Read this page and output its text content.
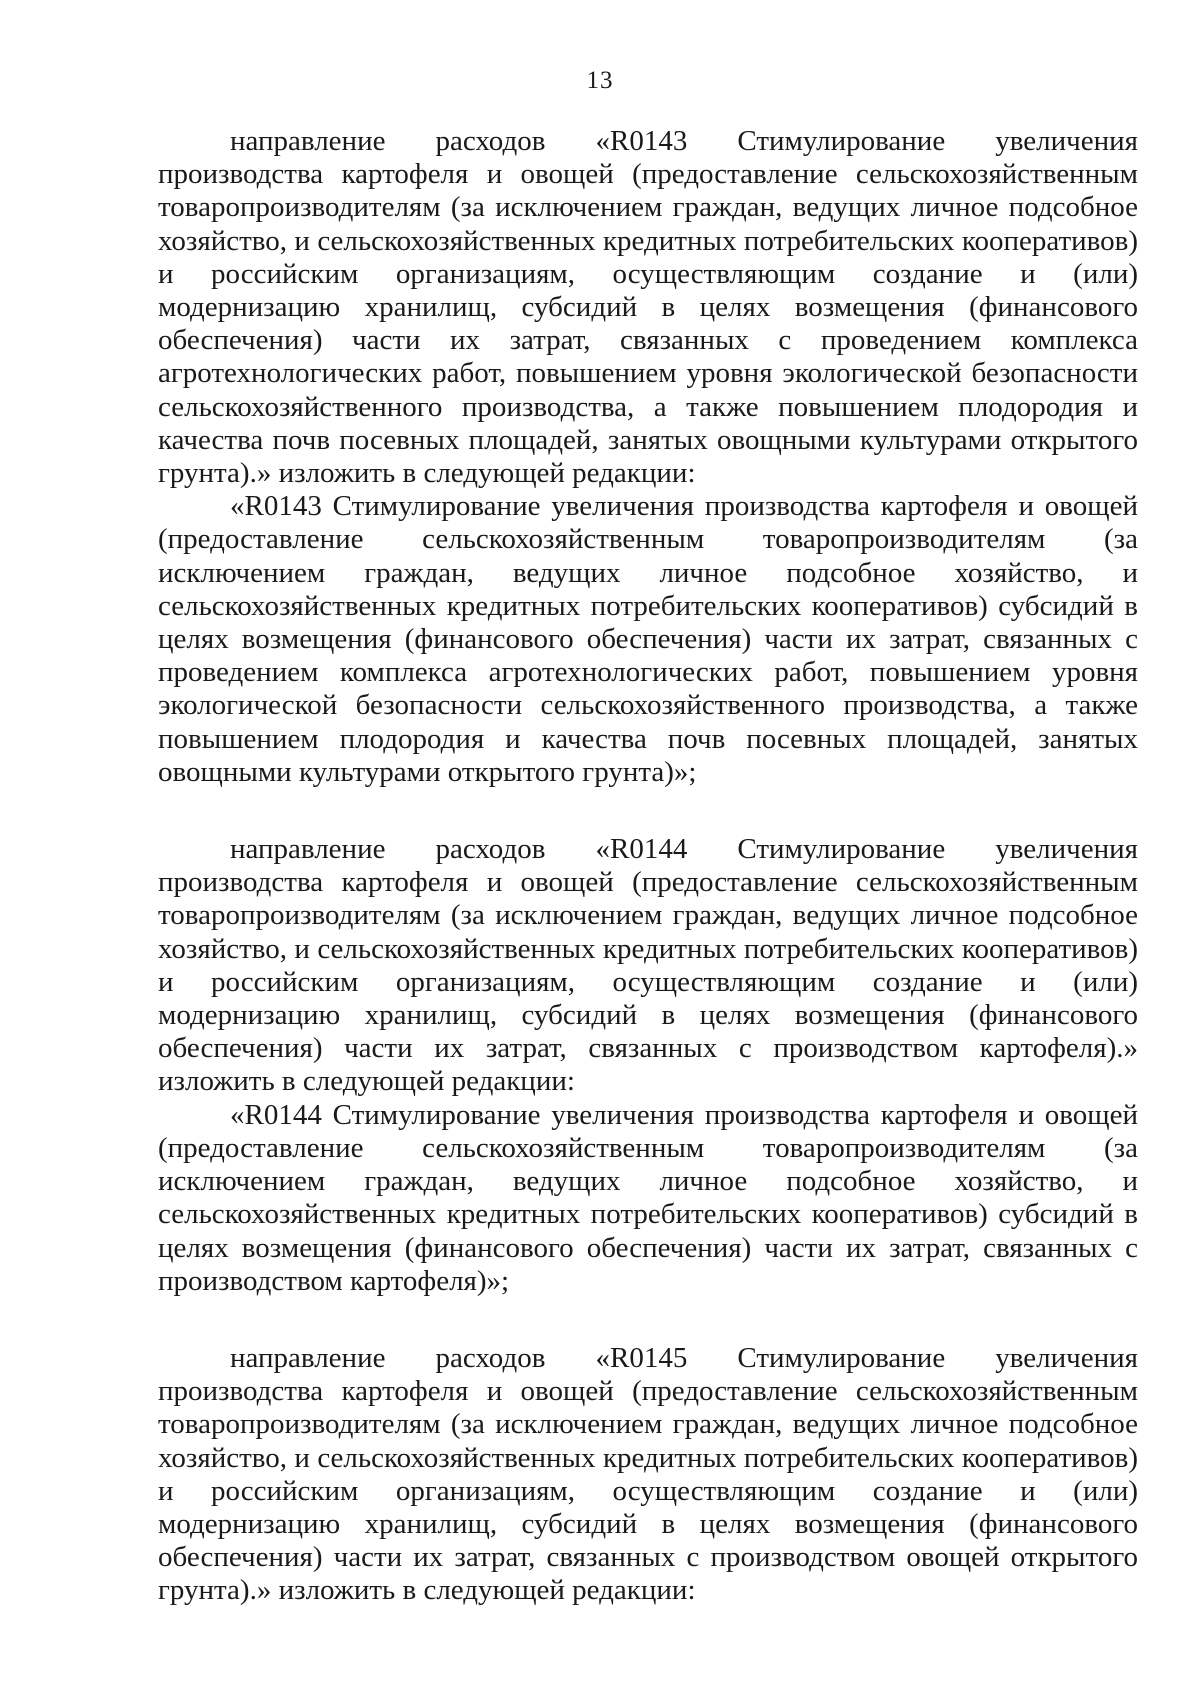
13

направление расходов «R0143 Стимулирование увеличения производства картофеля и овощей (предоставление сельскохозяйственным товаропроизводителям (за исключением граждан, ведущих личное подсобное хозяйство, и сельскохозяйственных кредитных потребительских кооперативов) и российским организациям, осуществляющим создание и (или) модернизацию хранилищ, субсидий в целях возмещения (финансового обеспечения) части их затрат, связанных с проведением комплекса агротехнологических работ, повышением уровня экологической безопасности сельскохозяйственного производства, а также повышением плодородия и качества почв посевных площадей, занятых овощными культурами открытого грунта).» изложить в следующей редакции:

«R0143 Стимулирование увеличения производства картофеля и овощей (предоставление сельскохозяйственным товаропроизводителям (за исключением граждан, ведущих личное подсобное хозяйство, и сельскохозяйственных кредитных потребительских кооперативов) субсидий в целях возмещения (финансового обеспечения) части их затрат, связанных с проведением комплекса агротехнологических работ, повышением уровня экологической безопасности сельскохозяйственного производства, а также повышением плодородия и качества почв посевных площадей, занятых овощными культурами открытого грунта)»;

направление расходов «R0144 Стимулирование увеличения производства картофеля и овощей (предоставление сельскохозяйственным товаропроизводителям (за исключением граждан, ведущих личное подсобное хозяйство, и сельскохозяйственных кредитных потребительских кооперативов) и российским организациям, осуществляющим создание и (или) модернизацию хранилищ, субсидий в целях возмещения (финансового обеспечения) части их затрат, связанных с производством картофеля).» изложить в следующей редакции:

«R0144 Стимулирование увеличения производства картофеля и овощей (предоставление сельскохозяйственным товаропроизводителям (за исключением граждан, ведущих личное подсобное хозяйство, и сельскохозяйственных кредитных потребительских кооперативов) субсидий в целях возмещения (финансового обеспечения) части их затрат, связанных с производством картофеля)»;

направление расходов «R0145 Стимулирование увеличения производства картофеля и овощей (предоставление сельскохозяйственным товаропроизводителям (за исключением граждан, ведущих личное подсобное хозяйство, и сельскохозяйственных кредитных потребительских кооперативов) и российским организациям, осуществляющим создание и (или) модернизацию хранилищ, субсидий в целях возмещения (финансового обеспечения) части их затрат, связанных с производством овощей открытого грунта).» изложить в следующей редакции:
